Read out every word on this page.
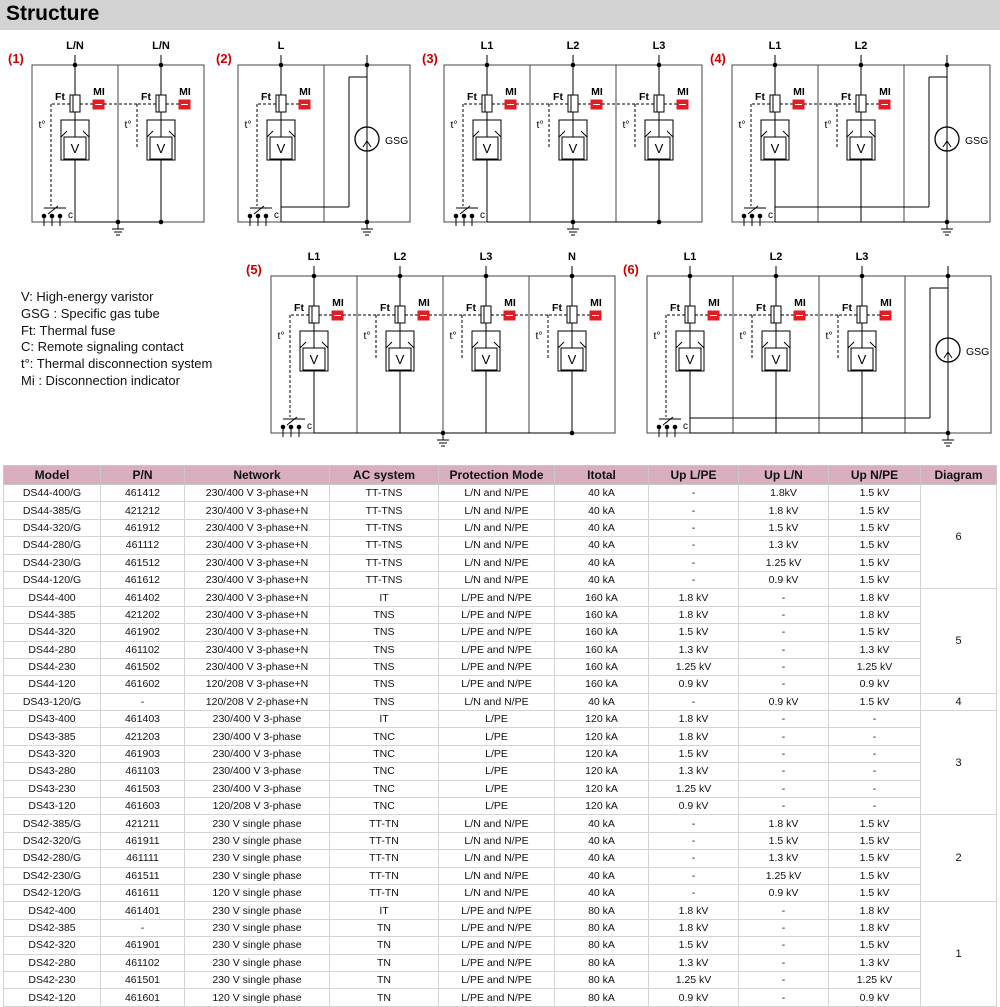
Structure
(1)
L/N
Ft	MI
t°
V
L/N
Ft	MI
t°
V
c
(2)
L
Ft	MI
t°
V	GSG
c
(3)
L1
Ft	MI
t°
V
L2
Ft	MI
t°
V
L3
Ft	MI
t°
V
c
(4)
L1
Ft	MI
t°
V
L2
Ft	MI
t°
V	GSG
c
(5)
L1
Ft	MI
t°
V
L2
Ft	MI
t°
V
L3
Ft	MI
t°
V
N
Ft	MI
t°
V
c
(6)
L1
Ft	MI
t°
V
L2
Ft	MI
t°
V
L3
Ft	MI
t°
V	GSG
c
V: High-energy varistor
GSG : Specific gas tube
Ft: Thermal fuse
C: Remote signaling contact
t°: Thermal disconnection system
Mi : Disconnection indicator
Model	P/N	Network	AC system	Protection Mode	Itotal	Up L/PE	Up L/N	Up N/PE	Diagram
DS44-400/G	461412	230/400 V 3-phase+N	TT-TNS	L/N and N/PE	40 kA	-	1.8kV	1.5 kV	6
DS44-385/G	421212	230/400 V 3-phase+N	TT-TNS	L/N and N/PE	40 kA	-	1.8 kV	1.5 kV	
DS44-320/G	461912	230/400 V 3-phase+N	TT-TNS	L/N and N/PE	40 kA	-	1.5 kV	1.5 kV	
DS44-280/G	461112	230/400 V 3-phase+N	TT-TNS	L/N and N/PE	40 kA	-	1.3 kV	1.5 kV	
DS44-230/G	461512	230/400 V 3-phase+N	TT-TNS	L/N and N/PE	40 kA	-	1.25 kV	1.5 kV	
DS44-120/G	461612	230/400 V 3-phase+N	TT-TNS	L/N and N/PE	40 kA	-	0.9 kV	1.5 kV	
DS44-400	461402	230/400 V 3-phase+N	IT	L/PE and N/PE	160 kA	1.8 kV	-	1.8 kV	5
DS44-385	421202	230/400 V 3-phase+N	TNS	L/PE and N/PE	160 kA	1.8 kV	-	1.8 kV	
DS44-320	461902	230/400 V 3-phase+N	TNS	L/PE and N/PE	160 kA	1.5 kV	-	1.5 kV	
DS44-280	461102	230/400 V 3-phase+N	TNS	L/PE and N/PE	160 kA	1.3 kV	-	1.3 kV	
DS44-230	461502	230/400 V 3-phase+N	TNS	L/PE and N/PE	160 kA	1.25 kV	-	1.25 kV	
DS44-120	461602	120/208 V 3-phase+N	TNS	L/PE and N/PE	160 kA	0.9 kV	-	0.9 kV	
DS43-120/G	-	120/208 V 2-phase+N	TNS	L/N and N/PE	40 kA	-	0.9 kV	1.5 kV	4
DS43-400	461403	230/400 V 3-phase	IT	L/PE	120 kA	1.8 kV	-	-	3
DS43-385	421203	230/400 V 3-phase	TNC	L/PE	120 kA	1.8 kV	-	-	
DS43-320	461903	230/400 V 3-phase	TNC	L/PE	120 kA	1.5 kV	-	-	
DS43-280	461103	230/400 V 3-phase	TNC	L/PE	120 kA	1.3 kV	-	-	
DS43-230	461503	230/400 V 3-phase	TNC	L/PE	120 kA	1.25 kV	-	-	
DS43-120	461603	120/208 V 3-phase	TNC	L/PE	120 kA	0.9 kV	-	-	
DS42-385/G	421211	230 V single phase	TT-TN	L/N and N/PE	40 kA	-	1.8 kV	1.5 kV	2
DS42-320/G	461911	230 V single phase	TT-TN	L/N and N/PE	40 kA	-	1.5 kV	1.5 kV	
DS42-280/G	461111	230 V single phase	TT-TN	L/N and N/PE	40 kA	-	1.3 kV	1.5 kV	
DS42-230/G	461511	230 V single phase	TT-TN	L/N and N/PE	40 kA	-	1.25 kV	1.5 kV	
DS42-120/G	461611	120 V single phase	TT-TN	L/N and N/PE	40 kA	-	0.9 kV	1.5 kV	
DS42-400	461401	230 V single phase	IT	L/PE and N/PE	80 kA	1.8 kV	-	1.8 kV	1
DS42-385	-	230 V single phase	TN	L/PE and N/PE	80 kA	1.8 kV	-	1.8 kV	
DS42-320	461901	230 V single phase	TN	L/PE and N/PE	80 kA	1.5 kV	-	1.5 kV	
DS42-280	461102	230 V single phase	TN	L/PE and N/PE	80 kA	1.3 kV	-	1.3 kV	
DS42-230	461501	230 V single phase	TN	L/PE and N/PE	80 kA	1.25 kV	-	1.25 kV	
DS42-120	461601	120 V single phase	TN	L/PE and N/PE	80 kA	0.9 kV	-	0.9 kV	
